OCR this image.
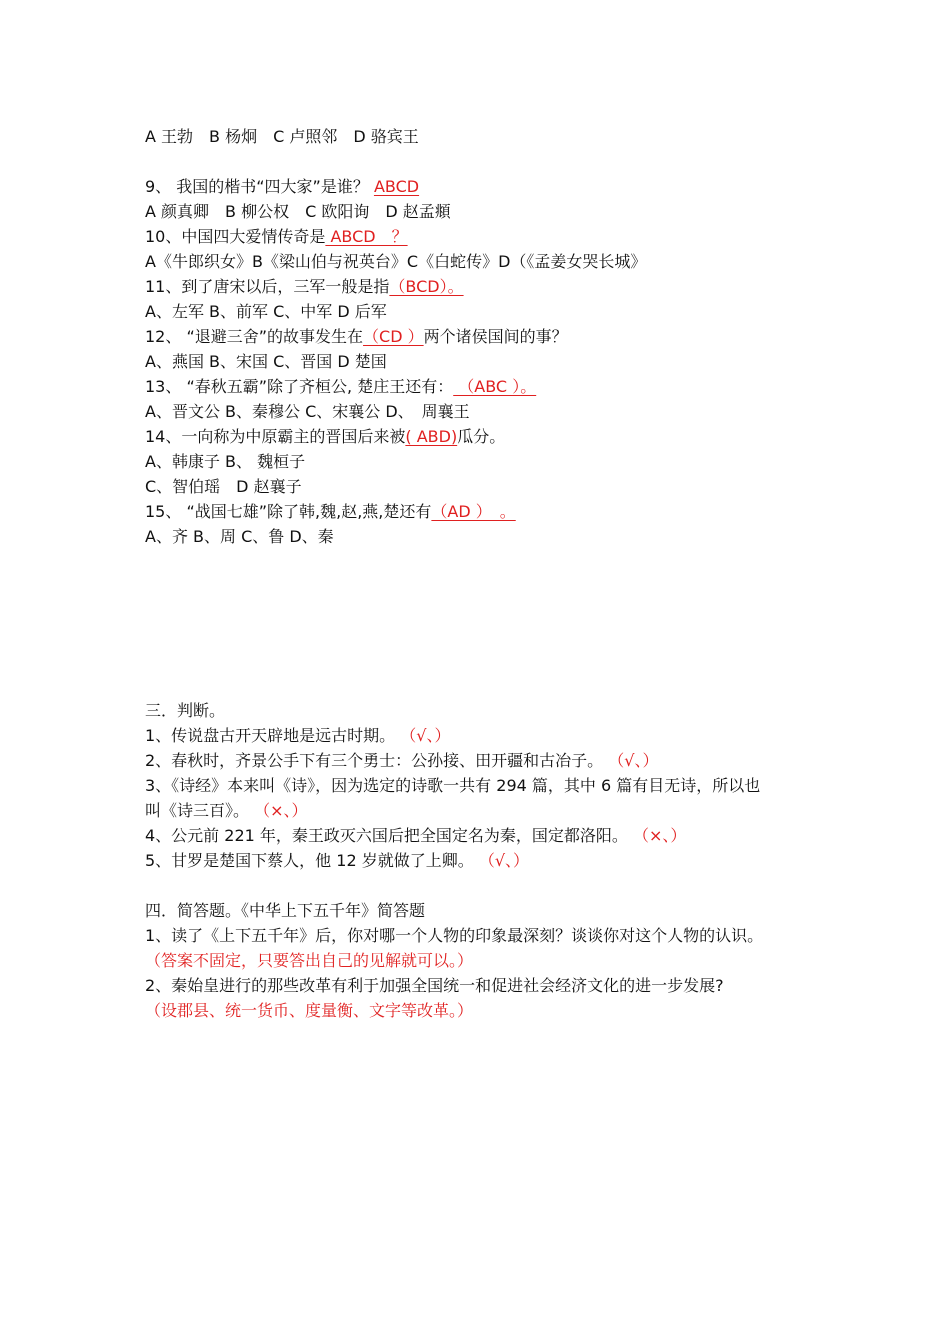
A 王勃　B 杨炯　C 卢照邻　D 骆宾王

9、 我国的楷书“四大家”是谁？ ABCD

A 颜真卿　B 柳公权　C 欧阳询　D 赵孟頫

10、中国四大爱情传奇是 ABCD　？

A《牛郎织女》B《梁山伯与祝英台》C《白蛇传》D（《孟姜女哭长城》

11、到了唐宋以后，三军一般是指（BCD）。

A、左军 B、前军 C、中军 D 后军

12、 “退避三舍”的故事发生在（CD ）两个诸侯国间的事？

A、燕国 B、宋国 C、晋国 D 楚国

13、 “春秋五霸”除了齐桓公, 楚庄王还有： （ABC ）。

A、晋文公 B、秦穆公 C、宋襄公 D、　周襄王

14、一向称为中原霸主的晋国后来被( ABD)瓜分。

A、韩康子 B、 魏桓子

C、智伯瑶　D 赵襄子

15、 “战国七雄”除了韩,魏,赵,燕,楚还有（AD ）　。

A、齐 B、周 C、鲁 D、秦

三．判断。

1、传说盘古开天辟地是远古时期。 （√、）

2、春秋时，齐景公手下有三个勇士：公孙接、田开疆和古冶子。 （√、）

3、《诗经》本来叫《诗》，因为选定的诗歌一共有 294 篇，其中 6 篇有目无诗，所以也

叫《诗三百》。 （×、）

4、公元前 221 年，秦王政灭六国后把全国定名为秦，国定都洛阳。 （×、）

5、甘罗是楚国下蔡人，他 12 岁就做了上卿。 （√、）

四．简答题。《中华上下五千年》简答题

1、读了《上下五千年》后，你对哪一个人物的印象最深刻？谈谈你对这个人物的认识。

（答案不固定，只要答出自己的见解就可以。）

2、秦始皇进行的那些改革有利于加强全国统一和促进社会经济文化的进一步发展?

（设郡县、统一货币、度量衡、文字等改革。）
